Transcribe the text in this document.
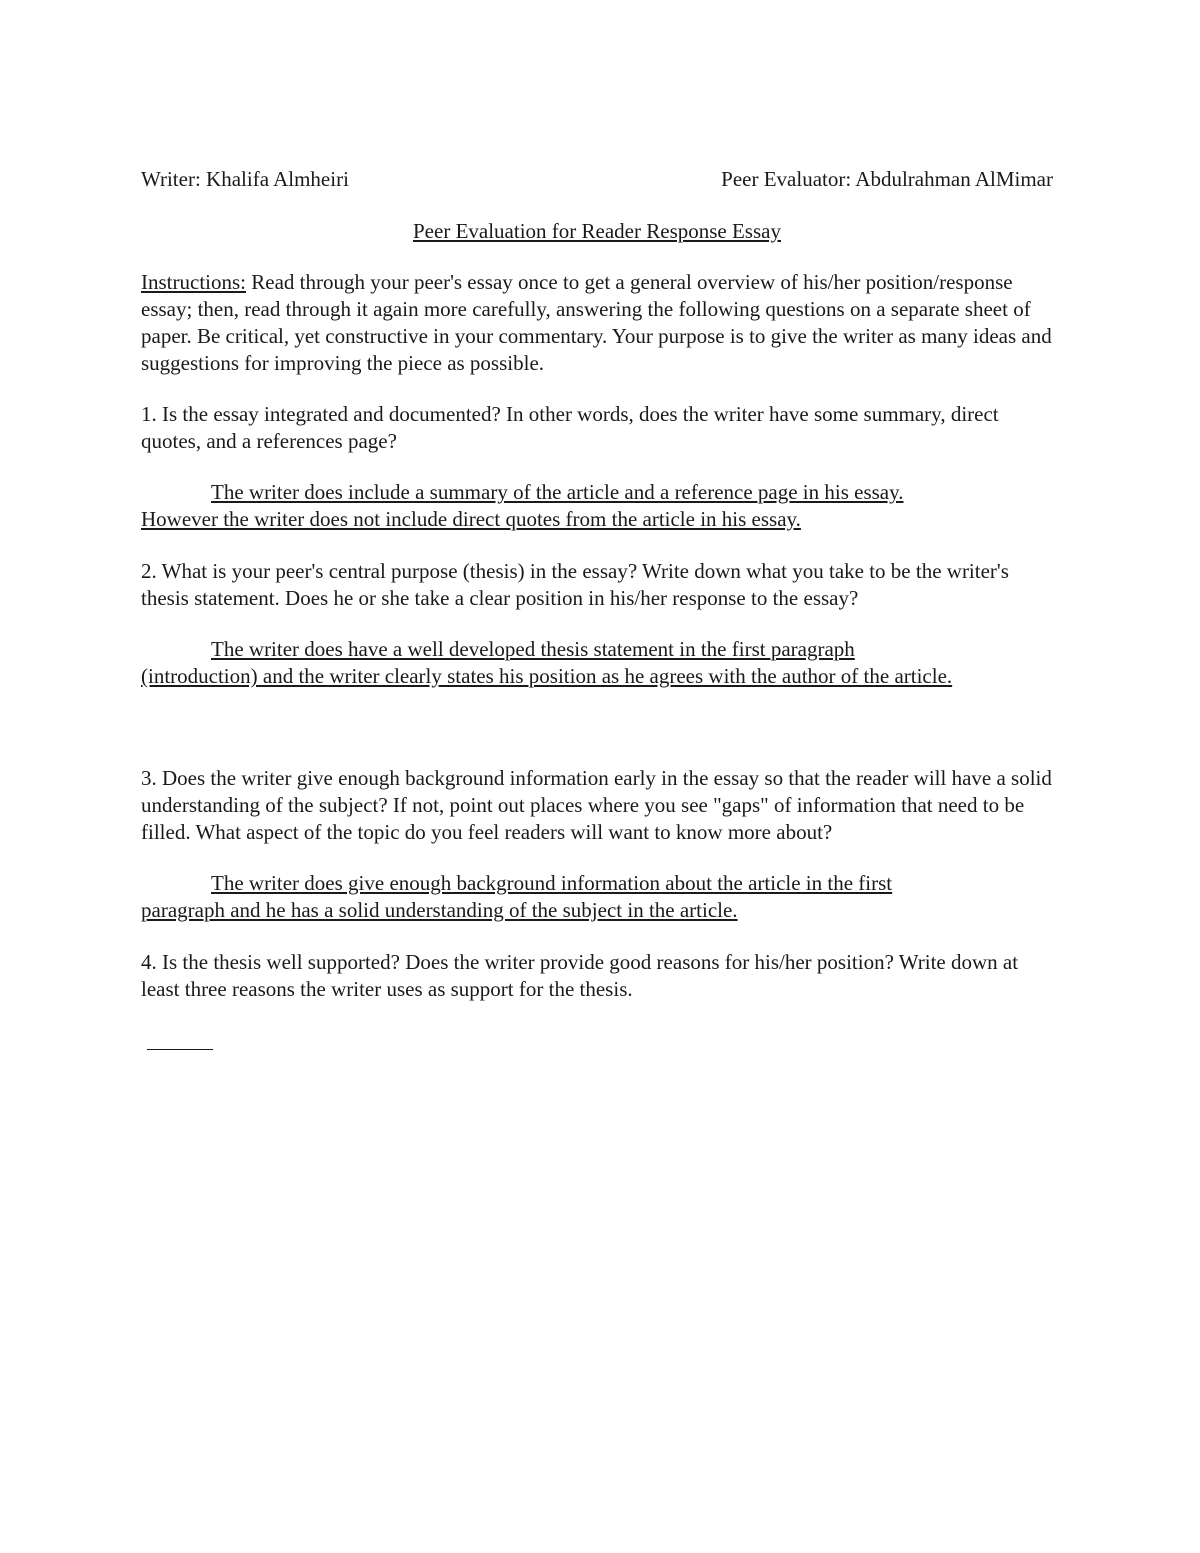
Writer: Khalifa Almheiri	Peer Evaluator: Abdulrahman AlMimar
Peer Evaluation for Reader Response Essay

Instructions: Read through your peer's essay once to get a general overview of his/her position/response essay; then, read through it again more carefully, answering the following questions on a separate sheet of paper. Be critical, yet constructive in your commentary. Your purpose is to give the writer as many ideas and suggestions for improving the piece as possible.

1. Is the essay integrated and documented? In other words, does the writer have some summary, direct quotes, and a references page?

The writer does include a summary of the article and a reference page in his essay.
However the writer does not include direct quotes from the article in his essay.

2. What is your peer's central purpose (thesis) in the essay? Write down what you take to be the writer's thesis statement. Does he or she take a clear position in his/her response to the essay?

The writer does have a well developed thesis statement in the first paragraph
(introduction) and the writer clearly states his position as he agrees with the author of the article.

3. Does the writer give enough background information early in the essay so that the reader will have a solid understanding of the subject? If not, point out places where you see "gaps" of information that need to be filled. What aspect of the topic do you feel readers will want to know more about?

The writer does give enough background information about the article in the first
paragraph and he has a solid understanding of the subject in the article.

4. Is the thesis well supported? Does the writer provide good reasons for his/her position? Write down at least three reasons the writer uses as support for the thesis.
